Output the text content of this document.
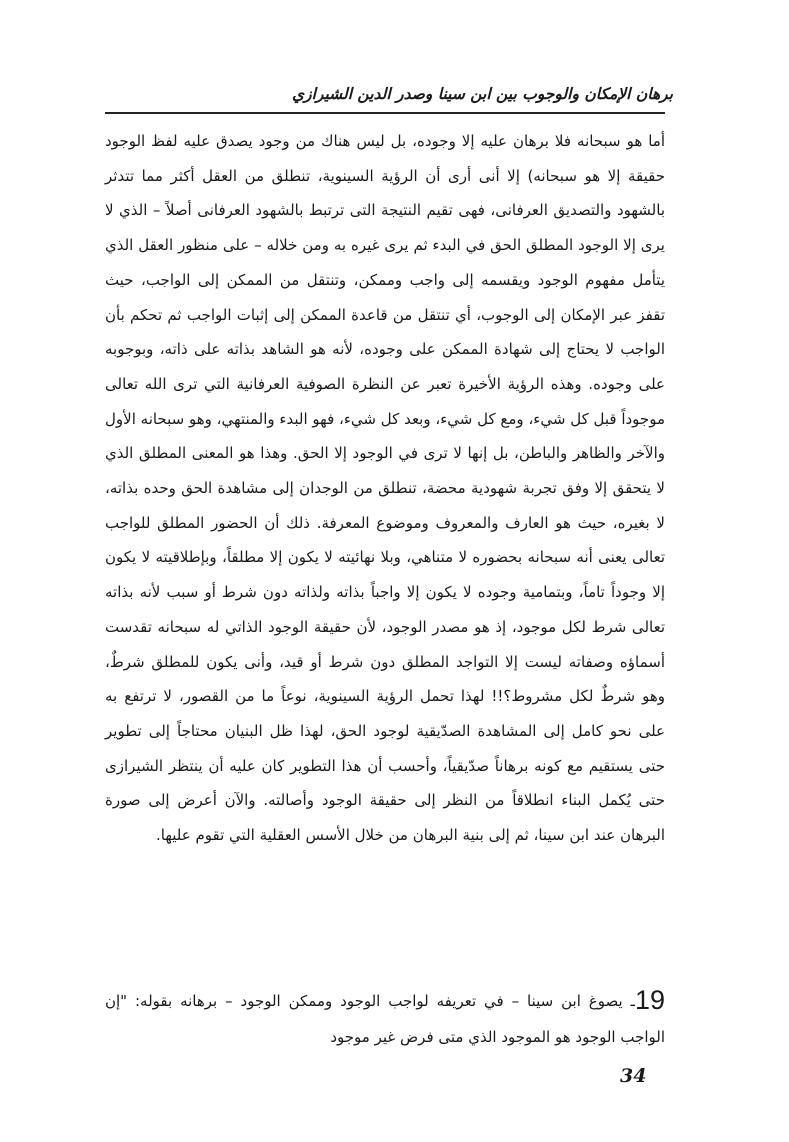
برهان الإمكان والوجوب بين ابن سينا وصدر الدين الشيرازي

أما هو سبحانه فلا برهان عليه إلا وجوده، بل ليس هناك من وجود يصدق عليه لفظ الوجود حقيقة إلا هو سبحانه) إلا أنى أرى أن الرؤية السينوية، تنطلق من العقل أكثر مما تتدثر بالشهود والتصديق العرفانى، فهى تقيم النتيجة التى ترتبط بالشهود العرفانى أصلاً – الذي لا يرى إلا الوجود المطلق الحق في البدء ثم يرى غيره به ومن خلاله – على منظور العقل الذي يتأمل مفهوم الوجود ويقسمه إلى واجب وممكن، وتنتقل من الممكن إلى الواجب، حيث تقفز عبر الإمكان إلى الوجوب، أي تنتقل من قاعدة الممكن إلى إثبات الواجب ثم تحكم بأن الواجب لا يحتاج إلى شهادة الممكن على وجوده، لأنه هو الشاهد بذاته على ذاته، وبوجوبه على وجوده. وهذه الرؤية الأخيرة تعبر عن النظرة الصوفية العرفانية التي ترى الله تعالى موجوداً قبل كل شيء، ومع كل شيء، وبعد كل شيء، فهو البدء والمنتهي، وهو سبحانه الأول والآخر والظاهر والباطن، بل إنها لا ترى في الوجود إلا الحق. وهذا هو المعنى المطلق الذي لا يتحقق إلا وفق تجربة شهودية محضة، تنطلق من الوجدان إلى مشاهدة الحق وحده بذاته، لا بغيره، حيث هو العارف والمعروف وموضوع المعرفة. ذلك أن الحضور المطلق للواجب تعالى يعنى أنه سبحانه بحضوره لا متناهي، وبلا نهائيته لا يكون إلا مطلقاً، وبإطلاقيته لا يكون إلا وجوداً تاماً، وبتمامية وجوده لا يكون إلا واجباً بذاته ولذاته دون شرط أو سبب لأنه بذاته تعالى شرط لكل موجود، إذ هو مصدر الوجود، لأن حقيقة الوجود الذاتي له سبحانه تقدست أسماؤه وصفاته ليست إلا التواجد المطلق دون شرط أو قيد، وأنى يكون للمطلق شرطٌ، وهو شرطٌ لكل مشروط؟!! لهذا تحمل الرؤية السينوية، نوعاً ما من القصور، لا ترتفع به على نحو كامل إلى المشاهدة الصدّيقية لوجود الحق، لهذا ظل البنيان محتاجاً إلى تطوير حتى يستقيم مع كونه برهاناً صدّيقياً، وأحسب أن هذا التطوير كان عليه أن ينتظر الشيرازى حتى يُكمل البناء انطلاقاً من النظر إلى حقيقة الوجود وأصالته. والآن أعرض إلى صورة البرهان عند ابن سينا، ثم إلى بنية البرهان من خلال الأسس العقلية التي تقوم عليها.

19ـ يصوغ ابن سينا – في تعريفه لواجب الوجود وممكن الوجود – برهانه بقوله: "إن الواجب الوجود هو الموجود الذي متى فرض غير موجود

34
